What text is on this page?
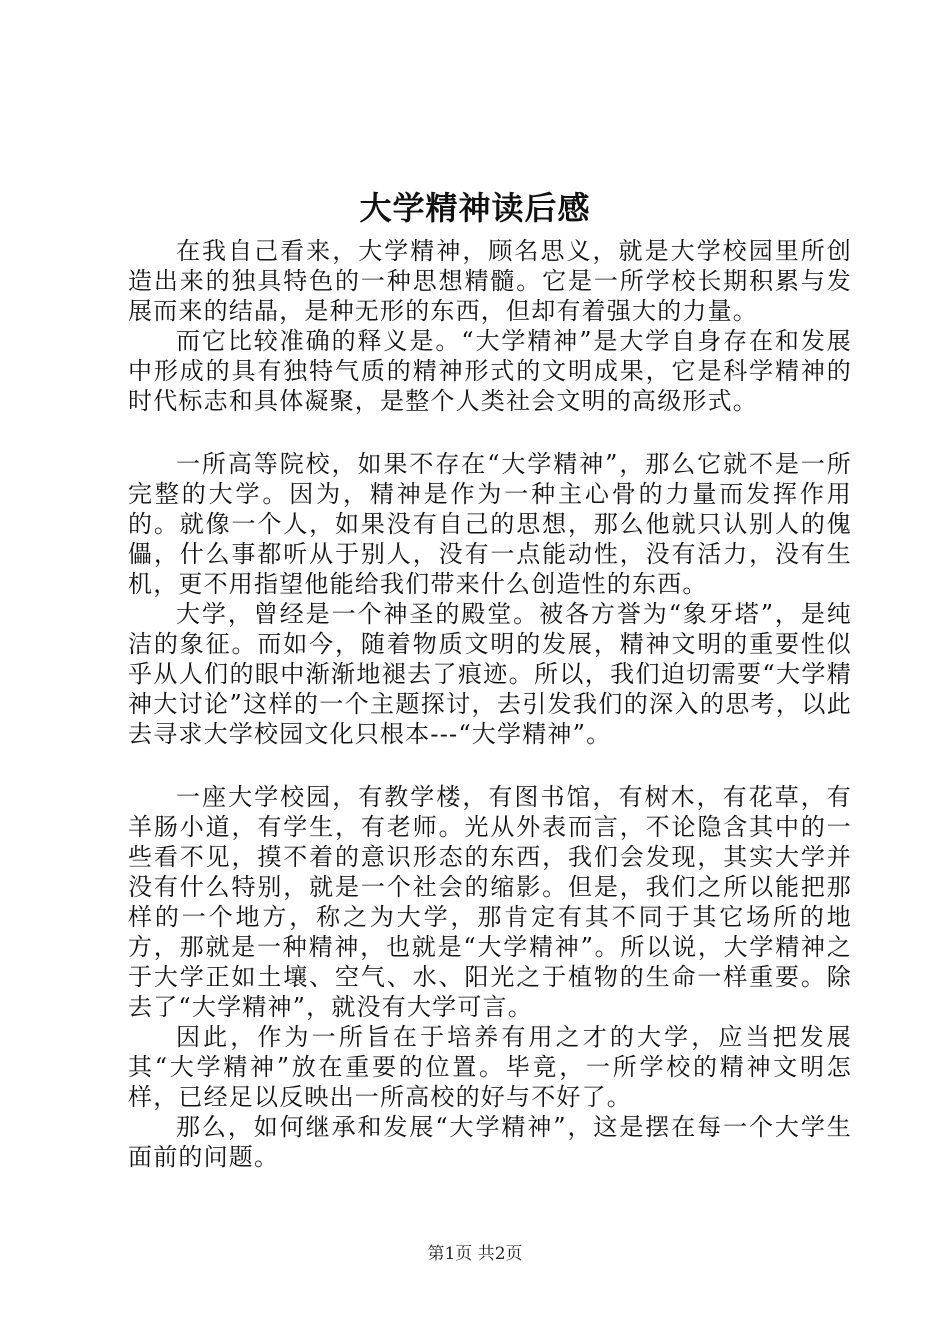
大学精神读后感

在我自己看来，大学精神，顾名思义，就是大学校园里所创造出来的独具特色的一种思想精髓。它是一所学校长期积累与发展而来的结晶，是种无形的东西，但却有着强大的力量。

而它比较准确的释义是。“大学精神”是大学自身存在和发展中形成的具有独特气质的精神形式的文明成果，它是科学精神的时代标志和具体凝聚，是整个人类社会文明的高级形式。

一所高等院校，如果不存在“大学精神”，那么它就不是一所完整的大学。因为，精神是作为一种主心骨的力量而发挥作用的。就像一个人，如果没有自己的思想，那么他就只认别人的傀儡，什么事都听从于别人，没有一点能动性，没有活力，没有生机，更不用指望他能给我们带来什么创造性的东西。

大学，曾经是一个神圣的殿堂。被各方誉为“象牙塔”，是纯洁的象征。而如今，随着物质文明的发展，精神文明的重要性似乎从人们的眼中渐渐地褪去了痕迹。所以，我们迫切需要“大学精神大讨论”这样的一个主题探讨，去引发我们的深入的思考，以此去寻求大学校园文化只根本---“大学精神”。

一座大学校园，有教学楼，有图书馆，有树木，有花草，有羊肠小道，有学生，有老师。光从外表而言，不论隐含其中的一些看不见，摸不着的意识形态的东西，我们会发现，其实大学并没有什么特别，就是一个社会的缩影。但是，我们之所以能把那样的一个地方，称之为大学，那肯定有其不同于其它场所的地方，那就是一种精神，也就是“大学精神”。所以说，大学精神之于大学正如土壤、空气、水、阳光之于植物的生命一样重要。除去了“大学精神”，就没有大学可言。

因此，作为一所旨在于培养有用之才的大学，应当把发展其“大学精神”放在重要的位置。毕竟，一所学校的精神文明怎样，已经足以反映出一所高校的好与不好了。

那么，如何继承和发展“大学精神”，这是摆在每一个大学生面前的问题。

第1页 共2页
